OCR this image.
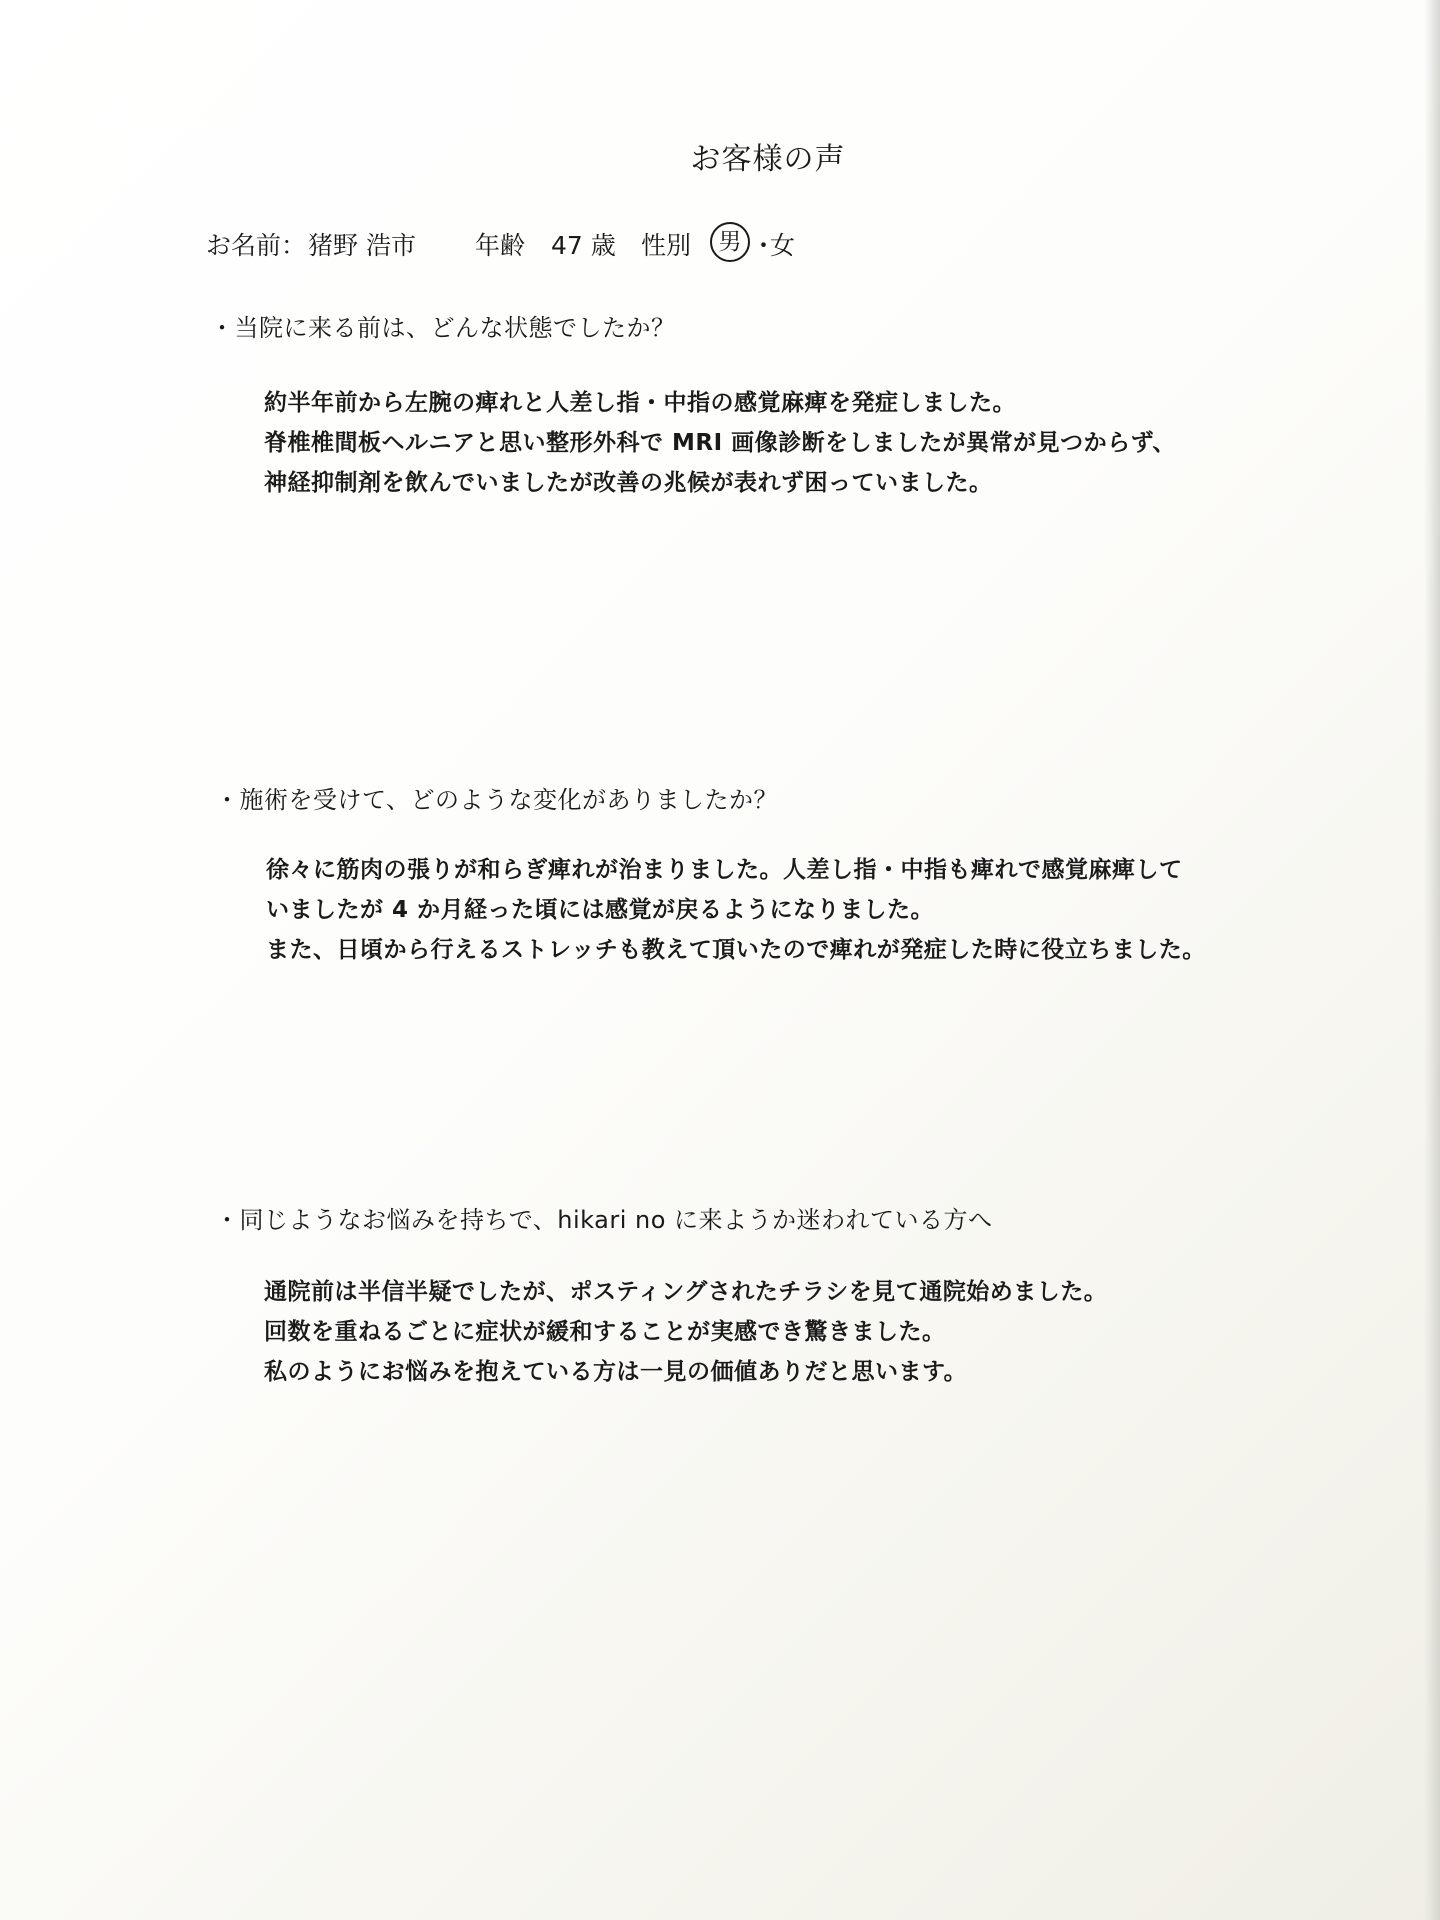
お客様の声
お名前： 猪野 浩市 年齢 47 歳 性別	男 ・
女
・当院に来る前は、どんな状態でしたか？
約半年前から左腕の痺れと人差し指・中指の感覚麻痺を発症しました。
脊椎椎間板ヘルニアと思い整形外科で MRI 画像診断をしましたが異常が見つからず、
神経抑制剤を飲んでいましたが改善の兆候が表れず困っていました。
・施術を受けて、どのような変化がありましたか？
徐々に筋肉の張りが和らぎ痺れが治まりました。人差し指・中指も痺れで感覚麻痺して
いましたが 4 か月経った頃には感覚が戻るようになりました。
また、日頃から行えるストレッチも教えて頂いたので痺れが発症した時に役立ちました。
・同じようなお悩みを持ちで、hikari no に来ようか迷われている方へ
通院前は半信半疑でしたが、ポスティングされたチラシを見て通院始めました。
回数を重ねるごとに症状が緩和することが実感でき驚きました。
私のようにお悩みを抱えている方は一見の価値ありだと思います。
